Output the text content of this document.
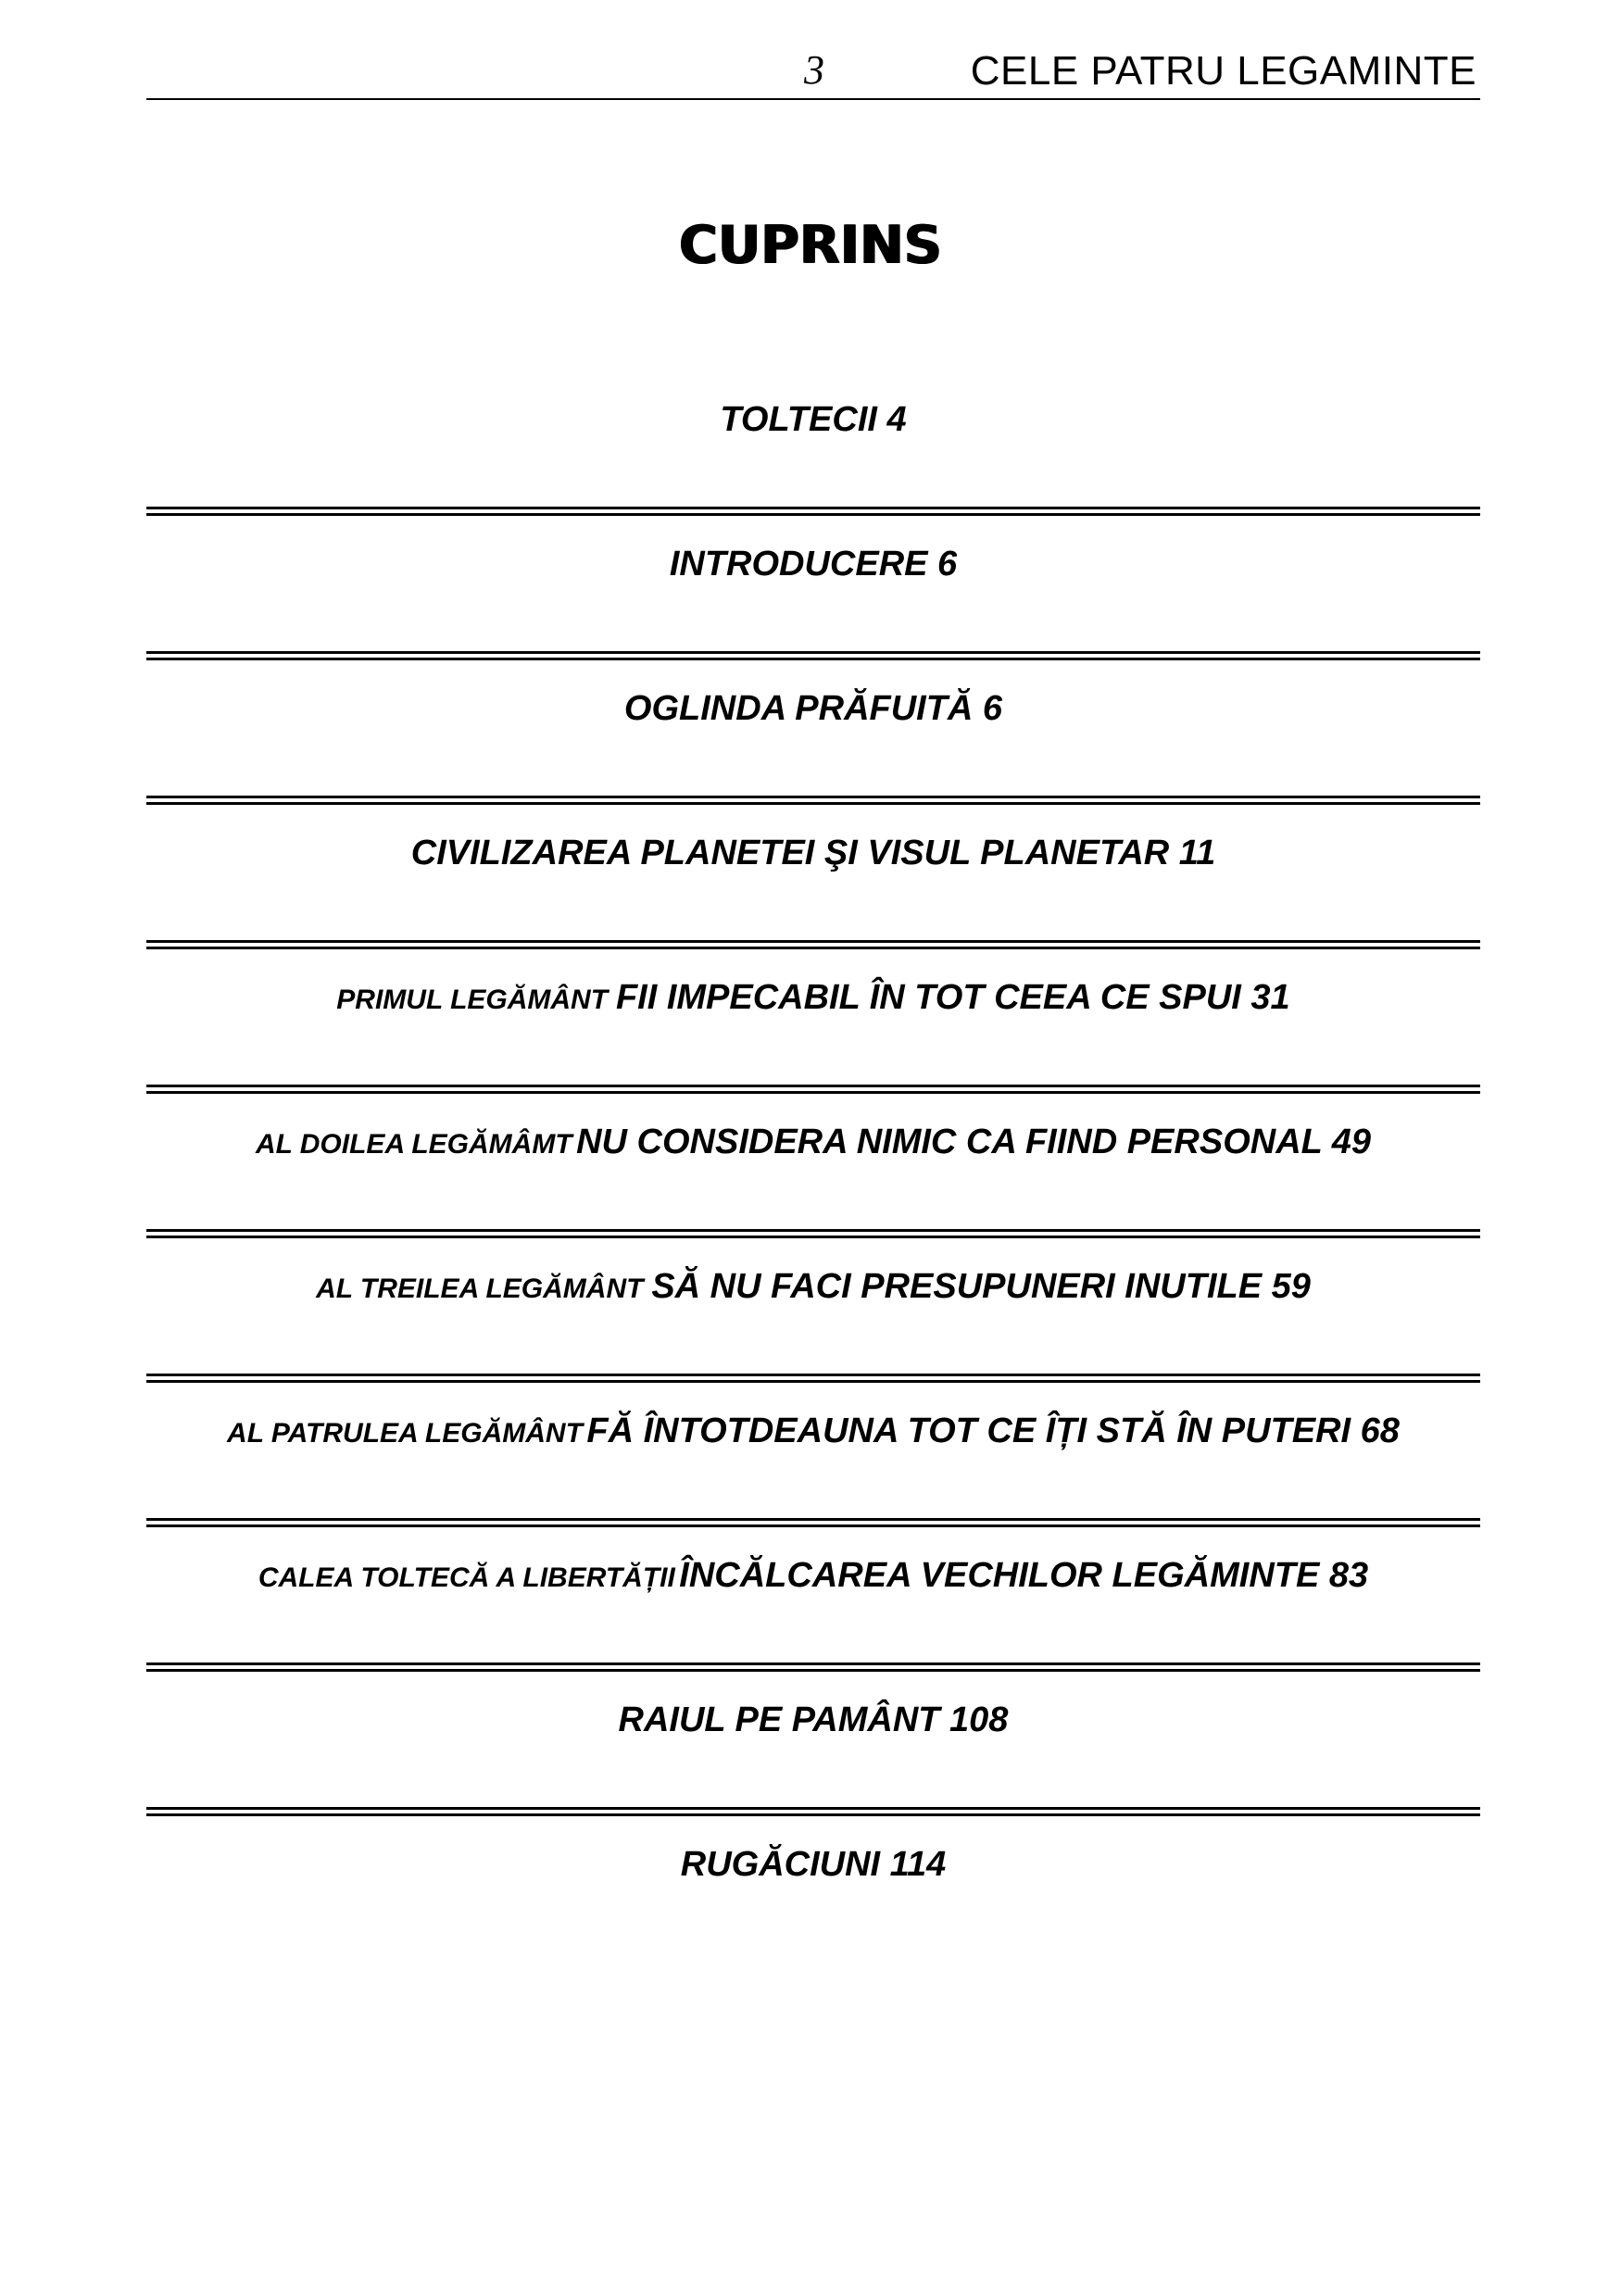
3	CELE PATRU LEGAMINTE
CUPRINS
TOLTECII 4
INTRODUCERE 6
OGLINDA PRĂFUITĂ 6
CIVILIZAREA PLANETEI ŞI VISUL PLANETAR 11
PRIMUL LEGĂMÂNT FII IMPECABIL ÎN TOT CEEA CE SPUI 31
AL DOILEA LEGĂMÂMT NU CONSIDERA NIMIC CA FIIND PERSONAL 49
AL TREILEA LEGĂMÂNT SĂ NU FACI PRESUPUNERI INUTILE 59
AL PATRULEA LEGĂMÂNT FĂ ÎNTOTDEAUNA TOT CE ÎȚI STĂ ÎN PUTERI 68
CALEA TOLTECĂ A LIBERTĂȚII ÎNCĂLCAREA VECHILOR LEGĂMINTE 83
RAIUL PE PAMÂNT 108
RUGĂCIUNI 114
